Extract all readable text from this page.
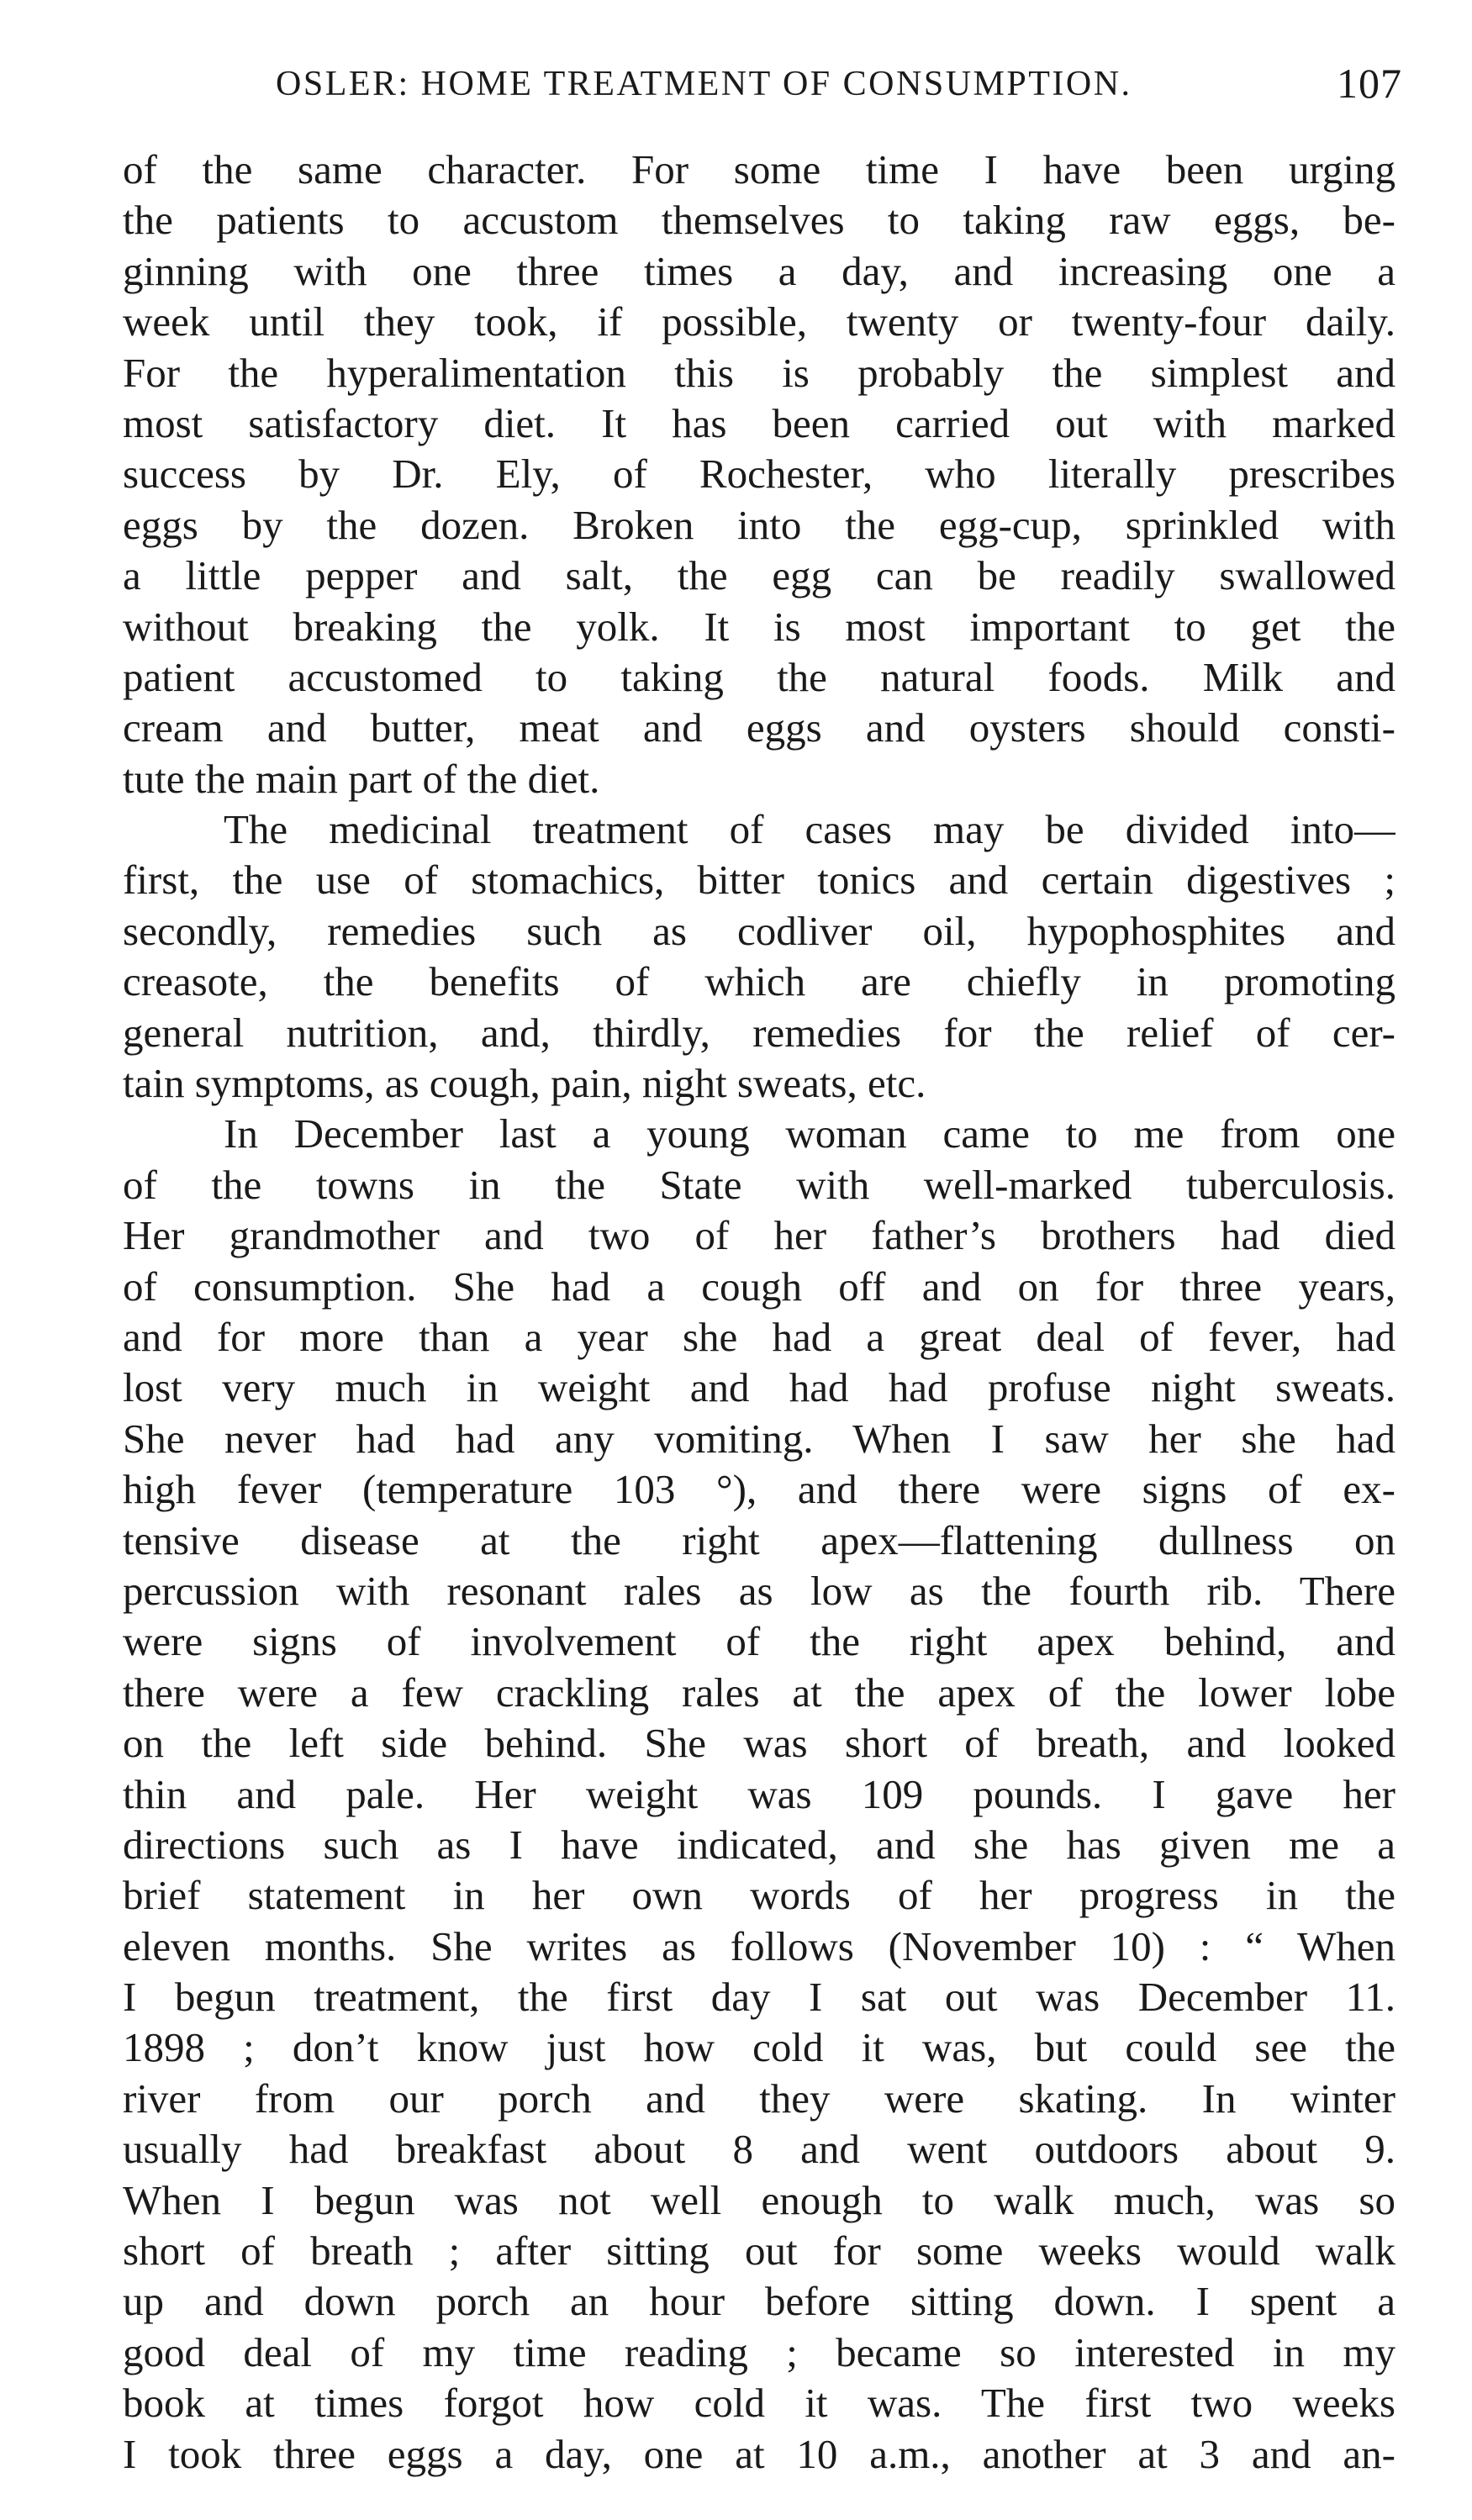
OSLER: HOME TREATMENT OF CONSUMPTION.	107
of the same character. For some time I have been urging
the patients to accustom themselves to taking raw eggs, be-
ginning with one three times a day, and increasing one a
week until they took, if possible, twenty or twenty-four daily.
For the hyperalimentation this is probably the simplest and
most satisfactory diet. It has been carried out with marked
success by Dr. Ely, of Rochester, who literally prescribes
eggs by the dozen. Broken into the egg-cup, sprinkled with
a little pepper and salt, the egg can be readily swallowed
without breaking the yolk. It is most important to get the
patient accustomed to taking the natural foods. Milk and
cream and butter, meat and eggs and oysters should consti-
tute the main part of the diet.
The medicinal treatment of cases may be divided into—
first, the use of stomachics, bitter tonics and certain digestives ;
secondly, remedies such as codliver oil, hypophosphites and
creasote, the benefits of which are chiefly in promoting
general nutrition, and, thirdly, remedies for the relief of cer-
tain symptoms, as cough, pain, night sweats, etc.
In December last a young woman came to me from one
of the towns in the State with well-marked tuberculosis.
Her grandmother and two of her father’s brothers had died
of consumption. She had a cough off and on for three years,
and for more than a year she had a great deal of fever, had
lost very much in weight and had had profuse night sweats.
She never had had any vomiting. When I saw her she had
high fever (temperature 103 °), and there were signs of ex-
tensive disease at the right apex—flattening dullness on
percussion with resonant rales as low as the fourth rib. There
were signs of involvement of the right apex behind, and
there were a few crackling rales at the apex of the lower lobe
on the left side behind. She was short of breath, and looked
thin and pale. Her weight was 109 pounds. I gave her
directions such as I have indicated, and she has given me a
brief statement in her own words of her progress in the
eleven months. She writes as follows (November 10) : “ When
I begun treatment, the first day I sat out was December 11.
1898 ; don’t know just how cold it was, but could see the
river from our porch and they were skating. In winter
usually had breakfast about 8 and went outdoors about 9.
When I begun was not well enough to walk much, was so
short of breath ; after sitting out for some weeks would walk
up and down porch an hour before sitting down. I spent a
good deal of my time reading ; became so interested in my
book at times forgot how cold it was. The first two weeks
I took three eggs a day, one at 10 a.m., another at 3 and an-
